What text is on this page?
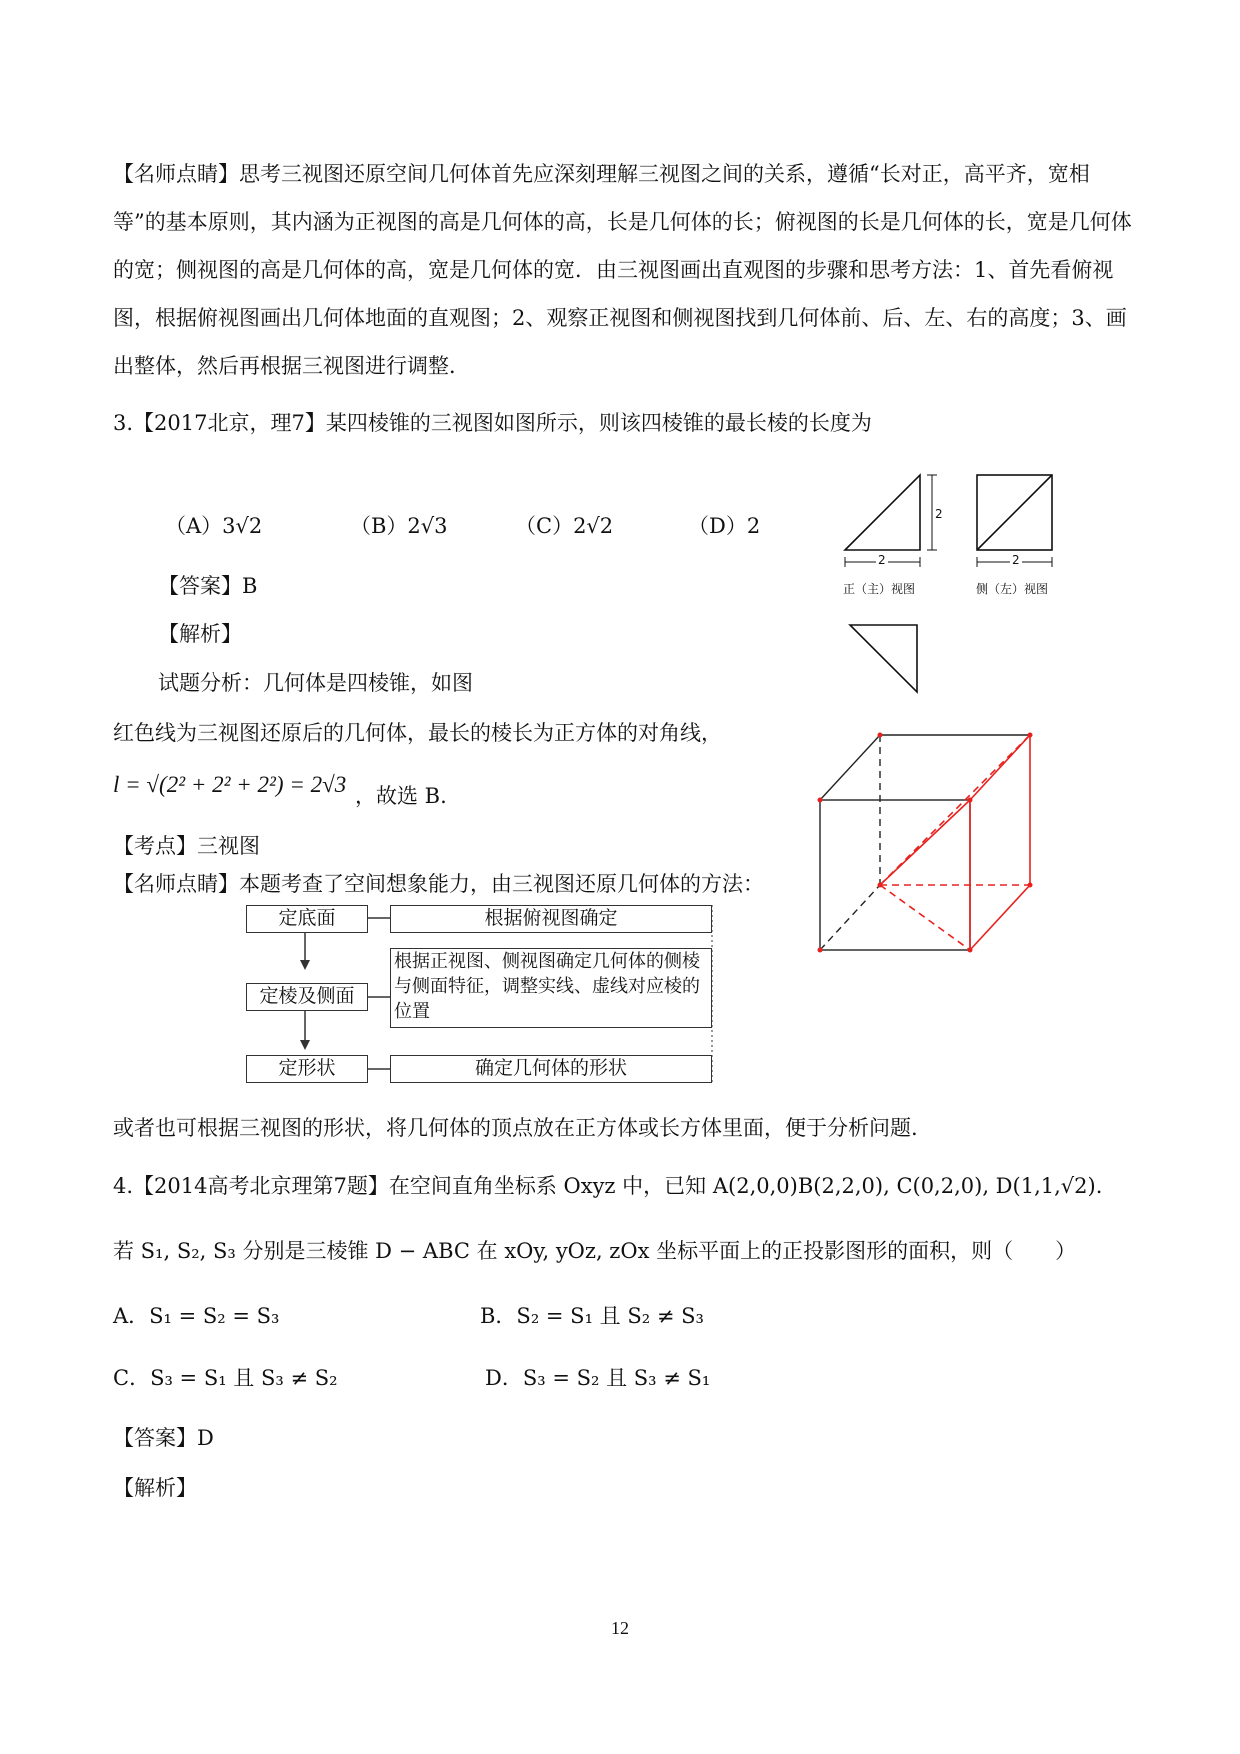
【名师点睛】思考三视图还原空间几何体首先应深刻理解三视图之间的关系，遵循“长对正，高平齐，宽相等”的基本原则，其内涵为正视图的高是几何体的高，长是几何体的长；俯视图的长是几何体的长，宽是几何体的宽；侧视图的高是几何体的高，宽是几何体的宽．由三视图画出直观图的步骤和思考方法：1、首先看俯视图，根据俯视图画出几何体地面的直观图；2、观察正视图和侧视图找到几何体前、后、左、右的高度；3、画出整体，然后再根据三视图进行调整．
3.【2017北京，理7】某四棱锥的三视图如图所示，则该四棱锥的最长棱的长度为
（A）3√2	（B）2√3	（C）2√2	（D）2
【答案】B
【解析】
试题分析：几何体是四棱锥，如图
红色线为三视图还原后的几何体，最长的棱长为正方体的对角线，
l = √(2² + 2² + 2²) = 2√3 ，故选 B.
【考点】三视图
【名师点睛】本题考查了空间想象能力，由三视图还原几何体的方法：
2
2
正（主）视图
2
侧（左）视图
定底面	根据俯视图确定
定棱及侧面
根据正视图、侧视图确定几何体的侧棱与侧面特征，调整实线、虚线对应棱的位置
定形状	确定几何体的形状
或者也可根据三视图的形状，将几何体的顶点放在正方体或长方体里面，便于分析问题.
4.【2014高考北京理第7题】在空间直角坐标系 Oxyz 中，已知 A(2,0,0)B(2,2,0), C(0,2,0), D(1,1,√2).
若 S₁, S₂, S₃ 分别是三棱锥 D − ABC 在 xOy, yOz, zOx 坐标平面上的正投影图形的面积，则（　　）
A．S₁ = S₂ = S₃	B．S₂ = S₁ 且 S₂ ≠ S₃
C．S₃ = S₁ 且 S₃ ≠ S₂	D．S₃ = S₂ 且 S₃ ≠ S₁
【答案】D
【解析】
12
